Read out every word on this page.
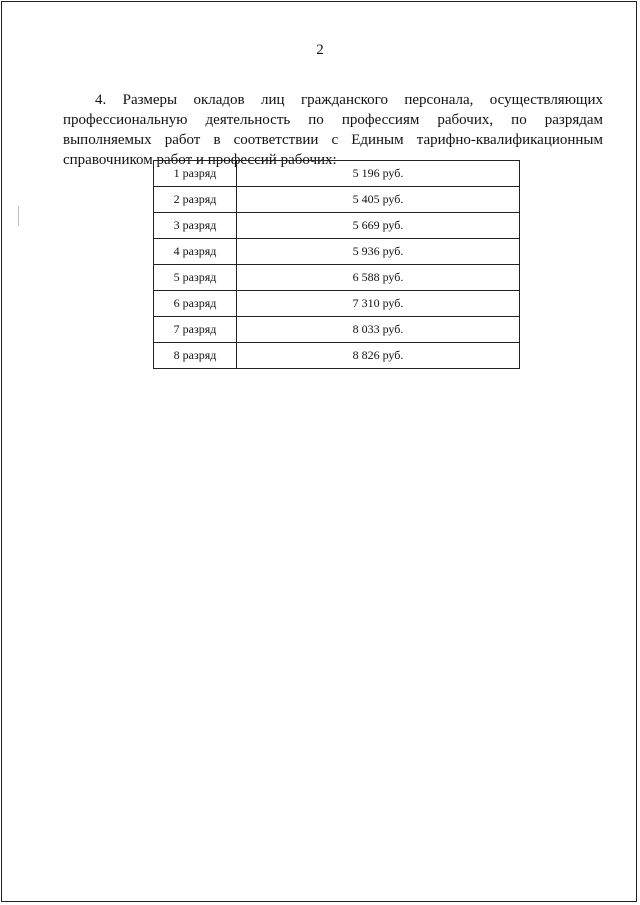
2

4. Размеры окладов лиц гражданского персонала, осуществляющих профессиональную деятельность по профессиям рабочих, по разрядам выполняемых работ в соответствии с Единым тарифно-квалификационным справочником работ и профессий рабочих:

1 разряд	5 196 руб.
2 разряд	5 405 руб.
3 разряд	5 669 руб.
4 разряд	5 936 руб.
5 разряд	6 588 руб.
6 разряд	7 310 руб.
7 разряд	8 033 руб.
8 разряд	8 826 руб.
